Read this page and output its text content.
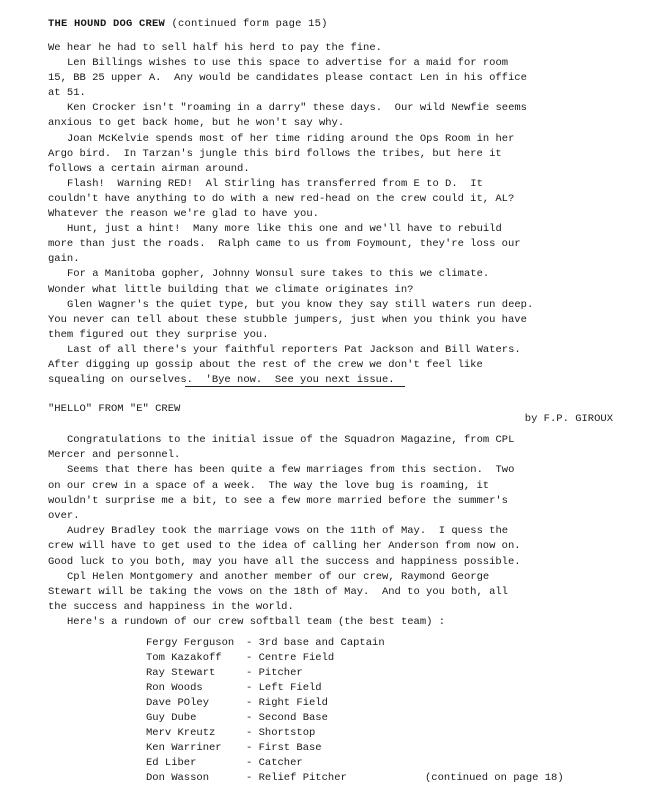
THE HOUND DOG CREW (continued form page 15)
We hear he had to sell half his herd to pay the fine.
Len Billings wishes to use this space to advertise for a maid for room
15, BB 25 upper A.  Any would be candidates please contact Len in his office
at 51.
Ken Crocker isn't "roaming in a darry" these days.  Our wild Newfie seems
anxious to get back home, but he won't say why.
Joan McKelvie spends most of her time riding around the Ops Room in her
Argo bird.  In Tarzan's jungle this bird follows the tribes, but here it
follows a certain airman around.
Flash!  Warning RED!  Al Stirling has transferred from E to D.  It
couldn't have anything to do with a new red-head on the crew could it, AL?
Whatever the reason we're glad to have you.
Hunt, just a hint!  Many more like this one and we'll have to rebuild
more than just the roads.  Ralph came to us from Foymount, they're loss our
gain.
For a Manitoba gopher, Johnny Wonsul sure takes to this we climate.
Wonder what little building that we climate originates in?
Glen Wagner's the quiet type, but you know they say still waters run deep.
You never can tell about these stubble jumpers, just when you think you have
them figured out they surprise you.
Last of all there's your faithful reporters Pat Jackson and Bill Waters.
After digging up gossip about the rest of the crew we don't feel like
squealing on ourselves.  'Bye now.  See you next issue.
"HELLO" FROM "E" CREW
by F.P. GIROUX
Congratulations to the initial issue of the Squadron Magazine, from CPL
Mercer and personnel.
Seems that there has been quite a few marriages from this section.  Two
on our crew in a space of a week.  The way the love bug is roaming, it
wouldn't surprise me a bit, to see a few more married before the summer's
over.
Audrey Bradley took the marriage vows on the 11th of May.  I quess the
crew will have to get used to the idea of calling her Anderson from now on.
Good luck to you both, may you have all the success and happiness possible.
Cpl Helen Montgomery and another member of our crew, Raymond George
Stewart will be taking the vows on the 18th of May.  And to you both, all
the success and happiness in the world.
Here's a rundown of our crew softball team (the best team) :
Fergy Ferguson - 3rd base and Captain
Tom Kazakoff - Centre Field
Ray Stewart	- Pitcher
Ron Woods	- Left Field
Dave POley	- Right Field
Guy Dube	- Second Base
Merv Kreutz	- Shortstop
Ken Warriner - First Base
Ed Liber	- Catcher
Don Wasson	- Relief Pitcher	(continued on page 18)
